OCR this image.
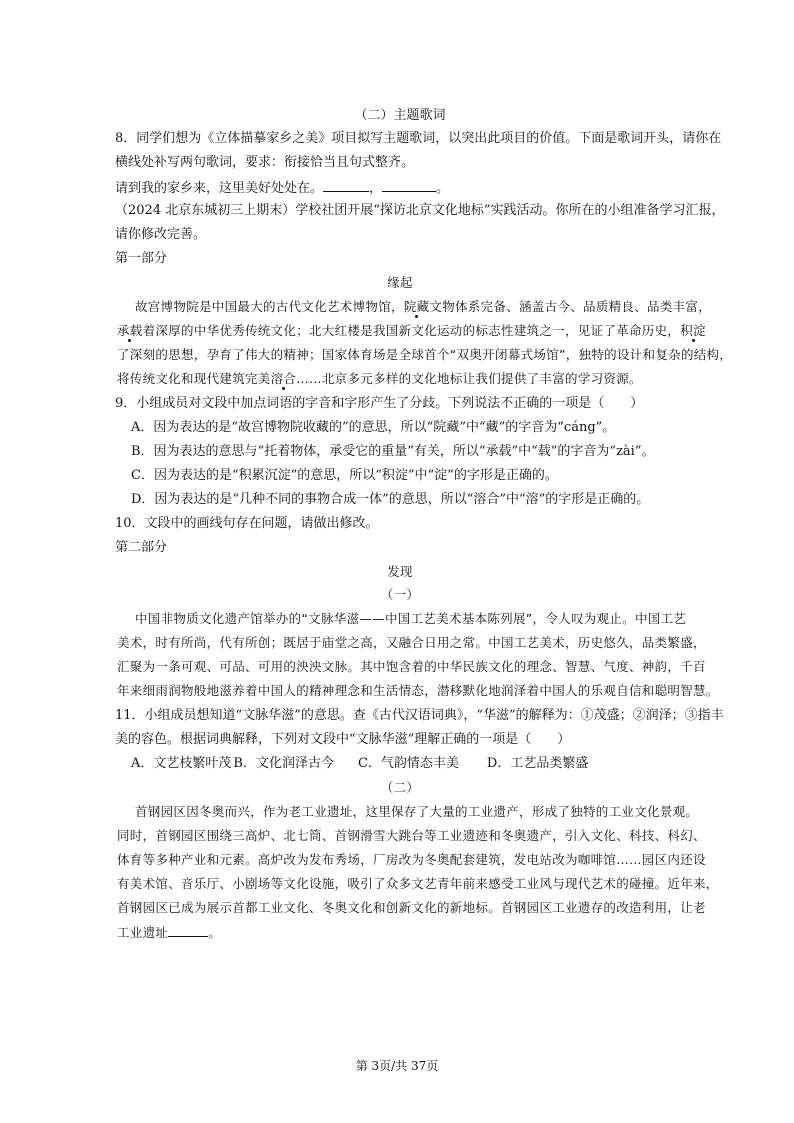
（二）主题歌词
8．同学们想为《立体描摹家乡之美》项目拟写主题歌词，以突出此项目的价值。下面是歌词开头，请你在
横线处补写两句歌词，要求：衔接恰当且句式整齐。
请到我的家乡来，这里美好处处在。	，	。
（2024 北京东城初三上期末）学校社团开展“探访北京文化地标”实践活动。你所在的小组准备学习汇报，
请你修改完善。
第一部分
缘起
故宫博物院是中国最大的古代文化艺术博物馆，院藏文物体系完备、涵盖古今、品质精良、品类丰富，
承载着深厚的中华优秀传统文化；北大红楼是我国新文化运动的标志性建筑之一，见证了革命历史，积淀
了深刻的思想，孕育了伟大的精神；国家体育场是全球首个“双奥开闭幕式场馆”，独特的设计和复杂的结构，
将传统文化和现代建筑完美溶合……北京多元多样的文化地标让我们提供了丰富的学习资源。
9．小组成员对文段中加点词语的字音和字形产生了分歧。下列说法不正确的一项是（　　）
A．因为表达的是“故宫博物院收藏的”的意思，所以“院藏”中“藏”的字音为“cáng”。
B．因为表达的意思与“托着物体，承受它的重量”有关，所以“承载”中“载”的字音为“zài”。
C．因为表达的是“积累沉淀”的意思，所以“积淀”中“淀”的字形是正确的。
D．因为表达的是“几种不同的事物合成一体”的意思，所以“溶合”中“溶”的字形是正确的。
10．文段中的画线句存在问题，请做出修改。
第二部分
发现
（一）
中国非物质文化遗产馆举办的“文脉华滋——中国工艺美术基本陈列展”，令人叹为观止。中国工艺
美术，时有所尚，代有所创；既居于庙堂之高，又融合日用之常。中国工艺美术，历史悠久，品类繁盛，
汇聚为一条可观、可品、可用的泱泱文脉。其中饱含着的中华民族文化的理念、智慧、气度、神韵，千百
年来细雨润物般地滋养着中国人的精神理念和生活情态，潜移默化地润泽着中国人的乐观自信和聪明智慧。
11．小组成员想知道“文脉华滋”的意思。查《古代汉语词典》，“华滋”的解释为：①茂盛；②润泽；③指丰
美的容色。根据词典解释，下列对文段中“文脉华滋”理解正确的一项是（　　）
A．文艺枝繁叶茂 B．文化润泽古今 C．气韵情态丰美 D．工艺品类繁盛
（二）
首钢园区因冬奥而兴，作为老工业遗址，这里保存了大量的工业遗产，形成了独特的工业文化景观。
同时，首钢园区围绕三高炉、北七筒、首钢滑雪大跳台等工业遗迹和冬奥遗产，引入文化、科技、科幻、
体育等多种产业和元素。高炉改为发布秀场，厂房改为冬奥配套建筑，发电站改为咖啡馆……园区内还设
有美术馆、音乐厅、小剧场等文化设施，吸引了众多文艺青年前来感受工业风与现代艺术的碰撞。近年来，
首钢园区已成为展示首都工业文化、冬奥文化和创新文化的新地标。首钢园区工业遗存的改造利用，让老
工业遗址	。
第 3页/共 37页
